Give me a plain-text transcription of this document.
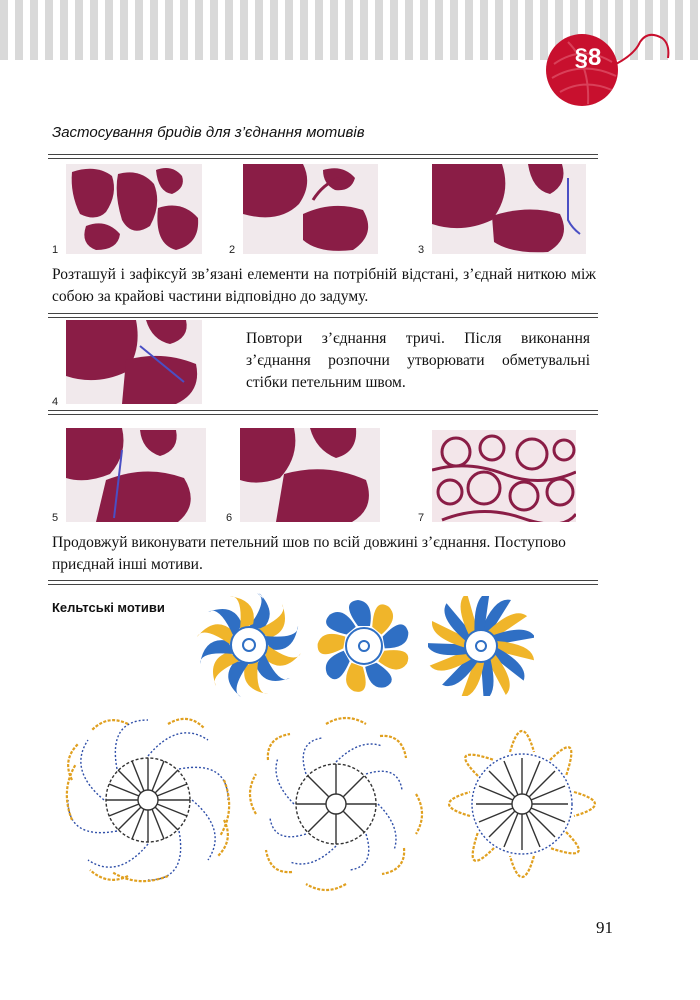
§8
Застосування бридів для з’єднання мотивів
1	2	3
Розташуй і зафіксуй зв’язані елементи на потрібній відстані, з’єднай ниткою між собою за крайові частини відповідно до задуму.
4
Повтори з’єднання тричі. Після виконання з’єднання розпочни утворювати обметувальні стібки петельним швом.
5	6	7
Продовжуй виконувати петельний шов по всій довжині з’єднання. Поступово приєднай інші мотиви.
Кельтські мотиви
91
